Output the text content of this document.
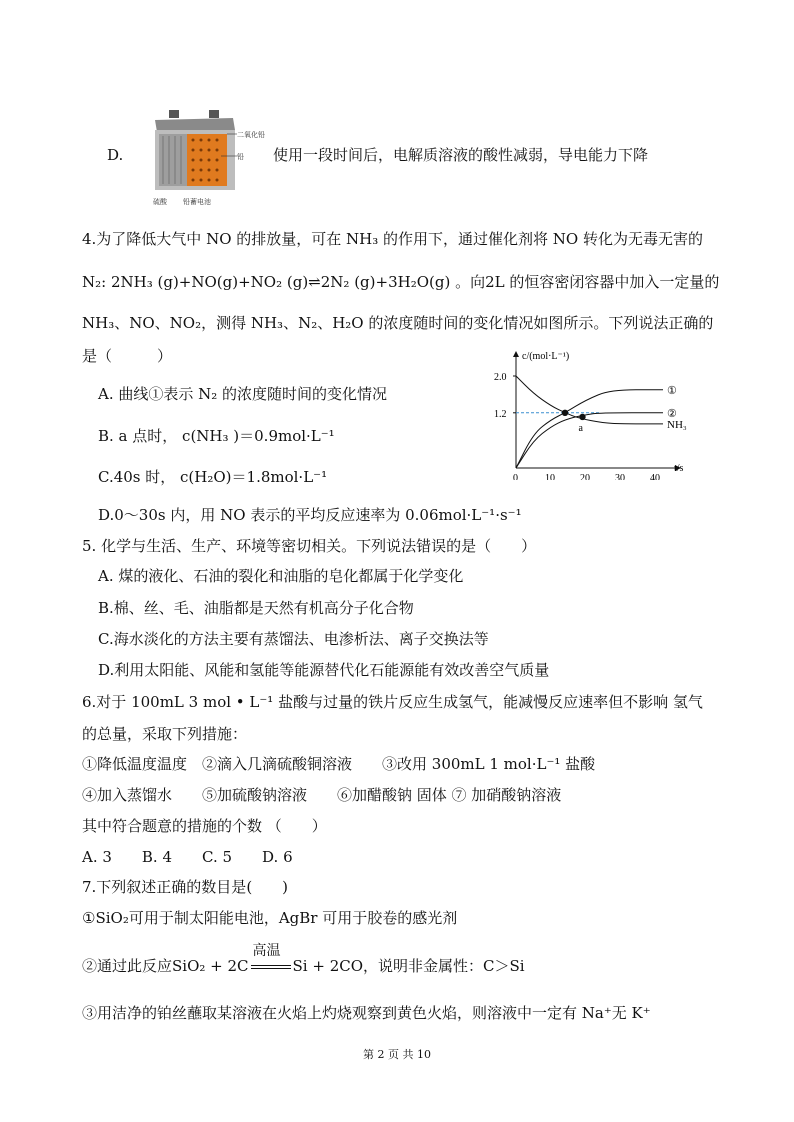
D.
二氧化铅
铅
硫酸 铅蓄电池
使用一段时间后，电解质溶液的酸性减弱，导电能力下降
4.为了降低大气中 NO 的排放量，可在 NH₃ 的作用下，通过催化剂将 NO 转化为无毒无害的
N₂: 2NH₃ (g)+NO(g)+NO₂ (g)⇌2N₂ (g)+3H₂O(g) 。向2L 的恒容密闭容器中加入一定量的
NH₃、NO、NO₂，测得 NH₃、N₂、H₂O 的浓度随时间的变化情况如图所示。下列说法正确的
是（　　　）
A. 曲线①表示 N₂ 的浓度随时间的变化情况
B. a 点时， c(NH₃ )＝0.9mol·L⁻¹
C.40s 时， c(H₂O)＝1.8mol·L⁻¹
D.0～30s 内，用 NO 表示的平均反应速率为 0.06mol·L⁻¹·s⁻¹
c/(mol·L⁻¹)
t/s
0	10	20	30	40
1.2
2.0
①
②
NH₃
a
5. 化学与生活、生产、环境等密切相关。下列说法错误的是（　　）
A. 煤的液化、石油的裂化和油脂的皂化都属于化学变化
B.棉、丝、毛、油脂都是天然有机高分子化合物
C.海水淡化的方法主要有蒸馏法、电渗析法、离子交换法等
D.利用太阳能、风能和氢能等能源替代化石能源能有效改善空气质量
6.对于 100mL 3 mol • L⁻¹ 盐酸与过量的铁片反应生成氢气，能减慢反应速率但不影响 氢气
的总量，采取下列措施：
①降低温度温度　②滴入几滴硫酸铜溶液　　③改用 300mL 1 mol·L⁻¹ 盐酸
④加入蒸馏水　　⑤加硫酸钠溶液　　⑥加醋酸钠 固体 ⑦ 加硝酸钠溶液
其中符合题意的措施的个数 （　　）
A. 3　　B. 4　　C. 5　　D. 6
7.下列叙述正确的数目是(　　)
①SiO₂可用于制太阳能电池，AgBr 可用于胶卷的感光剂
②通过此反应SiO₂ + 2C
高温
Si + 2CO，说明非金属性：C＞Si
③用洁净的铂丝蘸取某溶液在火焰上灼烧观察到黄色火焰，则溶液中一定有 Na⁺无 K⁺
第 2 页 共 10
